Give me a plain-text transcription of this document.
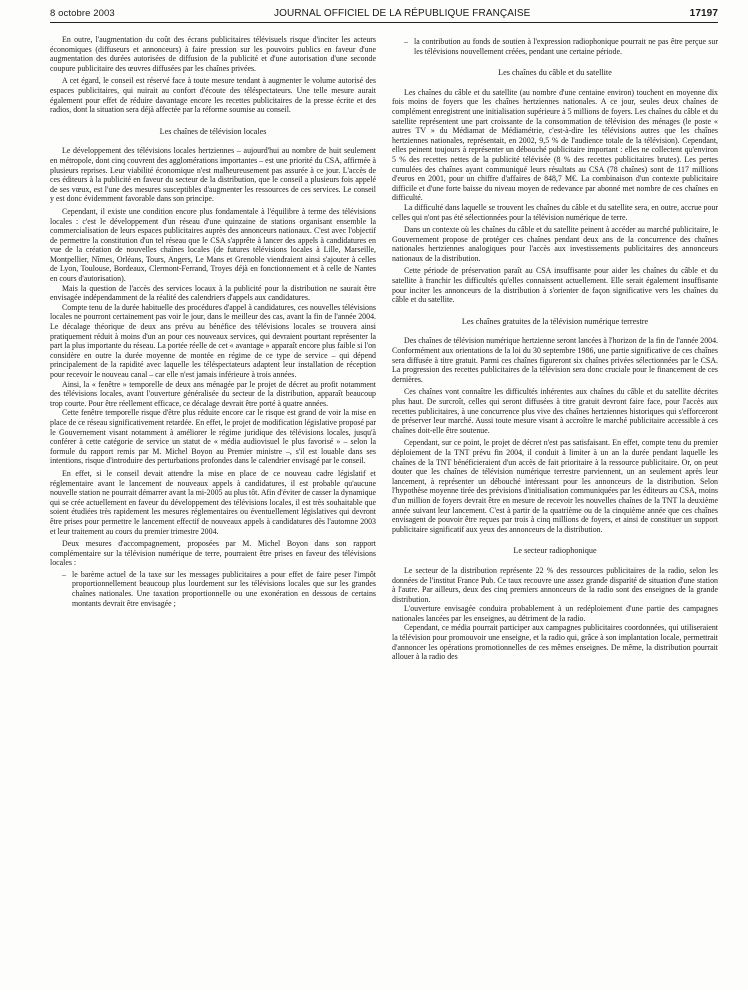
8 octobre 2003	JOURNAL OFFICIEL DE LA RÉPUBLIQUE FRANÇAISE	17197

En outre, l'augmentation du coût des écrans publicitaires télévisuels risque d'inciter les acteurs économiques (diffuseurs et annonceurs) à faire pression sur les pouvoirs publics en faveur d'une augmentation des durées autorisées de diffusion de la publicité et d'une autorisation d'une seconde coupure publicitaire des œuvres diffusées par les chaînes privées.

A cet égard, le conseil est réservé face à toute mesure tendant à augmenter le volume autorisé des espaces publicitaires, qui nuirait au confort d'écoute des téléspectateurs. Une telle mesure aurait également pour effet de réduire davantage encore les recettes publicitaires de la presse écrite et des radios, dont la situation sera déjà affectée par la réforme soumise au conseil.

Les chaînes de télévision locales

Le développement des télévisions locales hertziennes – aujourd'hui au nombre de huit seulement en métropole, dont cinq couvrent des agglomérations importantes – est une priorité du CSA, affirmée à plusieurs reprises. Leur viabilité économique n'est malheureusement pas assurée à ce jour. L'accès de ces éditeurs à la publicité en faveur du secteur de la distribution, que le conseil a plusieurs fois appelé de ses vœux, est l'une des mesures susceptibles d'augmenter les ressources de ces services. Le conseil y est donc évidemment favorable dans son principe.

Cependant, il existe une condition encore plus fondamentale à l'équilibre à terme des télévisions locales : c'est le développement d'un réseau d'une quinzaine de stations organisant ensemble la commercialisation de leurs espaces publicitaires auprès des annonceurs nationaux. C'est avec l'objectif de permettre la constitution d'un tel réseau que le CSA s'apprête à lancer des appels à candidatures en vue de la création de nouvelles chaînes locales (de futures télévisions locales à Lille, Marseille, Montpellier, Nîmes, Orléans, Tours, Angers, Le Mans et Grenoble viendraient ainsi s'ajouter à celles de Lyon, Toulouse, Bordeaux, Clermont-Ferrand, Troyes déjà en fonctionnement et à celle de Nantes en cours d'autorisation).

Mais la question de l'accès des services locaux à la publicité pour la distribution ne saurait être envisagée indépendamment de la réalité des calendriers d'appels aux candidatures.

Compte tenu de la durée habituelle des procédures d'appel à candidatures, ces nouvelles télévisions locales ne pourront certainement pas voir le jour, dans le meilleur des cas, avant la fin de l'année 2004. Le décalage théorique de deux ans prévu au bénéfice des télévisions locales se trouvera ainsi pratiquement réduit à moins d'un an pour ces nouveaux services, qui devraient pourtant représenter la part la plus importante du réseau. La portée réelle de cet « avantage » apparaît encore plus faible si l'on considère en outre la durée moyenne de montée en régime de ce type de service – qui dépend principalement de la rapidité avec laquelle les téléspectateurs adaptent leur installation de réception pour recevoir le nouveau canal – car elle n'est jamais inférieure à trois années.

Ainsi, la « fenêtre » temporelle de deux ans ménagée par le projet de décret au profit notamment des télévisions locales, avant l'ouverture généralisée du secteur de la distribution, apparaît beaucoup trop courte. Pour être réellement efficace, ce décalage devrait être porté à quatre années.

Cette fenêtre temporelle risque d'être plus réduite encore car le risque est grand de voir la mise en place de ce réseau significativement retardée. En effet, le projet de modification législative proposé par le Gouvernement visant notamment à améliorer le régime juridique des télévisions locales, jusqu'à conférer à cette catégorie de service un statut de « média audiovisuel le plus favorisé » – selon la formule du rapport remis par M. Michel Boyon au Premier ministre –, s'il est louable dans ses intentions, risque d'introduire des perturbations profondes dans le calendrier envisagé par le conseil.

En effet, si le conseil devait attendre la mise en place de ce nouveau cadre législatif et réglementaire avant le lancement de nouveaux appels à candidatures, il est probable qu'aucune nouvelle station ne pourrait démarrer avant la mi-2005 au plus tôt. Afin d'éviter de casser la dynamique qui se crée actuellement en faveur du développement des télévisions locales, il est très souhaitable que soient étudiées très rapidement les mesures réglementaires ou éventuellement législatives qui devront être prises pour permettre le lancement effectif de nouveaux appels à candidatures dès l'automne 2003 et leur traitement au cours du premier trimestre 2004.

Deux mesures d'accompagnement, proposées par M. Michel Boyon dans son rapport complémentaire sur la télévision numérique de terre, pourraient être prises en faveur des télévisions locales :

– le barème actuel de la taxe sur les messages publicitaires a pour effet de faire peser l'impôt proportionnellement beaucoup plus lourdement sur les télévisions locales que sur les grandes chaînes nationales. Une taxation proportionnelle ou une exonération en dessous de certains montants devrait être envisagée ;
– la contribution au fonds de soutien à l'expression radiophonique pourrait ne pas être perçue sur les télévisions nouvellement créées, pendant une certaine période.
Les chaînes du câble et du satellite

Les chaînes du câble et du satellite (au nombre d'une centaine environ) touchent en moyenne dix fois moins de foyers que les chaînes hertziennes nationales. A ce jour, seules deux chaînes de complément enregistrent une initialisation supérieure à 5 millions de foyers. Les chaînes du câble et du satellite représentent une part croissante de la consommation de télévision des ménages (le poste « autres TV » du Médiamat de Médiamétrie, c'est-à-dire les télévisions autres que les chaînes hertziennes nationales, représentait, en 2002, 9,5 % de l'audience totale de la télévision). Cependant, elles peinent toujours à représenter un débouché publicitaire important : elles ne collectent qu'environ 5 % des recettes nettes de la publicité télévisée (8 % des recettes publicitaires brutes). Les pertes cumulées des chaînes ayant communiqué leurs résultats au CSA (78 chaînes) sont de 117 millions d'euros en 2001, pour un chiffre d'affaires de 848,7 M€. La combinaison d'un contexte publicitaire difficile et d'une forte baisse du niveau moyen de redevance par abonné met nombre de ces chaînes en difficulté.

La difficulté dans laquelle se trouvent les chaînes du câble et du satellite sera, en outre, accrue pour celles qui n'ont pas été sélectionnées pour la télévision numérique de terre.

Dans un contexte où les chaînes du câble et du satellite peinent à accéder au marché publicitaire, le Gouvernement propose de protéger ces chaînes pendant deux ans de la concurrence des chaînes nationales hertziennes analogiques pour l'accès aux investissements publicitaires des annonceurs nationaux de la distribution.

Cette période de préservation paraît au CSA insuffisante pour aider les chaînes du câble et du satellite à franchir les difficultés qu'elles connaissent actuellement. Elle serait également insuffisante pour inciter les annonceurs de la distribution à s'orienter de façon significative vers les chaînes du câble et du satellite.

Les chaînes gratuites de la télévision numérique terrestre

Des chaînes de télévision numérique hertzienne seront lancées à l'horizon de la fin de l'année 2004. Conformément aux orientations de la loi du 30 septembre 1986, une partie significative de ces chaînes sera diffusée à titre gratuit. Parmi ces chaînes figureront six chaînes privées sélectionnées par le CSA. La progression des recettes publicitaires de la télévision sera donc cruciale pour le financement de ces dernières.

Ces chaînes vont connaître les difficultés inhérentes aux chaînes du câble et du satellite décrites plus haut. De surcroît, celles qui seront diffusées à titre gratuit devront faire face, pour l'accès aux recettes publicitaires, à une concurrence plus vive des chaînes hertziennes historiques qui s'efforceront de préserver leur marché. Aussi toute mesure visant à accroître le marché publicitaire accessible à ces chaînes doit-elle être soutenue.

Cependant, sur ce point, le projet de décret n'est pas satisfaisant. En effet, compte tenu du premier déploiement de la TNT prévu fin 2004, il conduit à limiter à un an la durée pendant laquelle les chaînes de la TNT bénéficieraient d'un accès de fait prioritaire à la ressource publicitaire. Or, on peut douter que les chaînes de télévision numérique terrestre parviennent, un an seulement après leur lancement, à représenter un débouché intéressant pour les annonceurs de la distribution. Selon l'hypothèse moyenne tirée des prévisions d'initialisation communiquées par les éditeurs au CSA, moins d'un million de foyers devrait être en mesure de recevoir les nouvelles chaînes de la TNT la deuxième année suivant leur lancement. C'est à partir de la quatrième ou de la cinquième année que ces chaînes envisagent de pouvoir être reçues par trois à cinq millions de foyers, et ainsi de constituer un support publicitaire significatif aux yeux des annonceurs de la distribution.

Le secteur radiophonique

Le secteur de la distribution représente 22 % des ressources publicitaires de la radio, selon les données de l'institut France Pub. Ce taux recouvre une assez grande disparité de situation d'une station à l'autre. Par ailleurs, deux des cinq premiers annonceurs de la radio sont des enseignes de la grande distribution.

L'ouverture envisagée conduira probablement à un redéploiement d'une partie des campagnes nationales lancées par les enseignes, au détriment de la radio.

Cependant, ce média pourrait participer aux campagnes publicitaires coordonnées, qui utiliseraient la télévision pour promouvoir une enseigne, et la radio qui, grâce à son implantation locale, permettrait d'annoncer les opérations promotionnelles de ces mêmes enseignes. De même, la distribution pourrait allouer à la radio des
